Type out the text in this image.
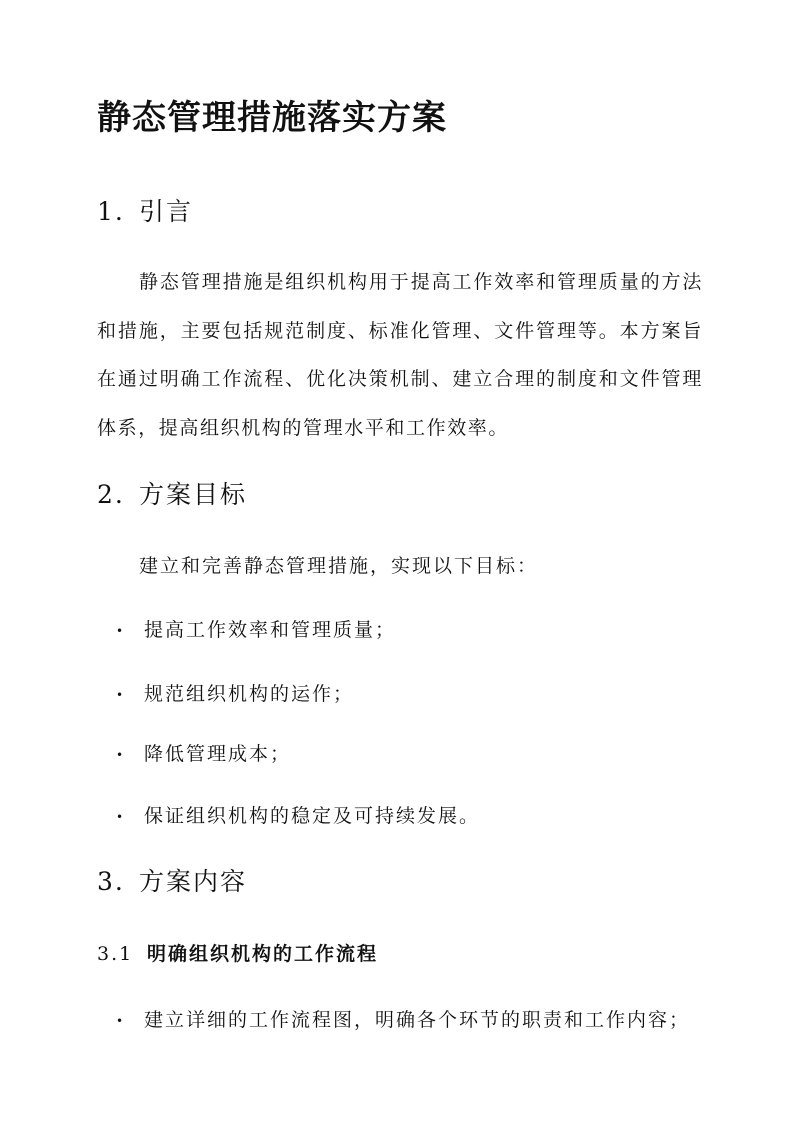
静态管理措施落实方案
1. 引言

静态管理措施是组织机构用于提高工作效率和管理质量的方法和措施，主要包括规范制度、标准化管理、文件管理等。本方案旨在通过明确工作流程、优化决策机制、建立合理的制度和文件管理体系，提高组织机构的管理水平和工作效率。

2. 方案目标

建立和完善静态管理措施，实现以下目标：

• 提高工作效率和管理质量；

• 规范组织机构的运作；

• 降低管理成本；

• 保证组织机构的稳定及可持续发展。

3. 方案内容
3.1 明确组织机构的工作流程

• 建立详细的工作流程图，明确各个环节的职责和工作内容；
